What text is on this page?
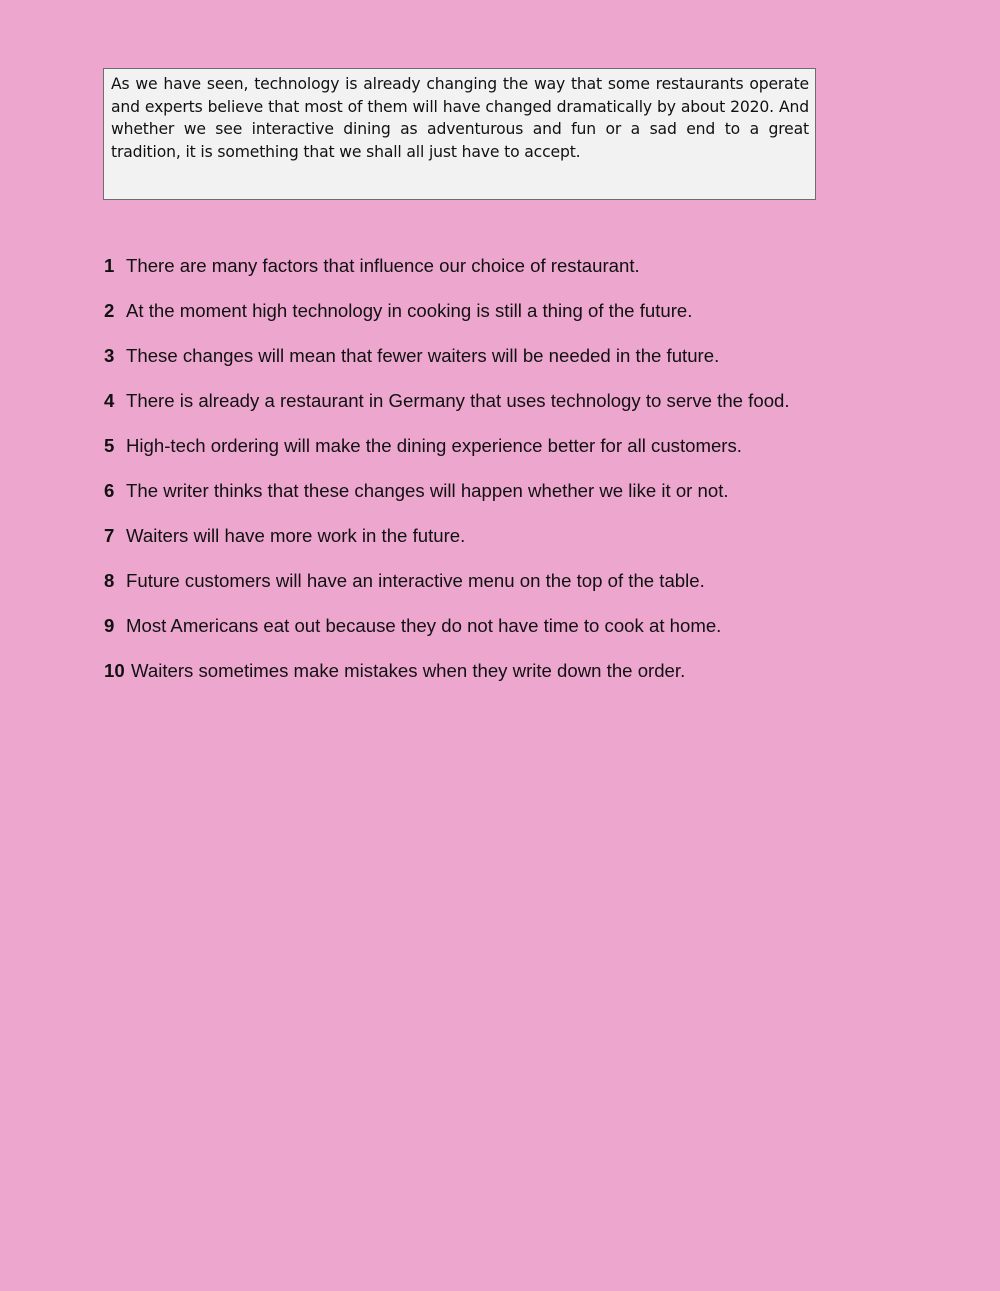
As we have seen, technology is already changing the way that some restaurants operate and experts believe that most of them will have changed dramatically by about 2020. And whether we see interactive dining as adventurous and fun or a sad end to a great tradition, it is something that we shall all just have to accept.

1 There are many factors that influence our choice of restaurant.
2 At the moment high technology in cooking is still a thing of the future.
3 These changes will mean that fewer waiters will be needed in the future.
4 There is already a restaurant in Germany that uses technology to serve the food.
5 High-tech ordering will make the dining experience better for all customers.
6 The writer thinks that these changes will happen whether we like it or not.
7 Waiters will have more work in the future.
8 Future customers will have an interactive menu on the top of the table.
9 Most Americans eat out because they do not have time to cook at home.
10 Waiters sometimes make mistakes when they write down the order.
